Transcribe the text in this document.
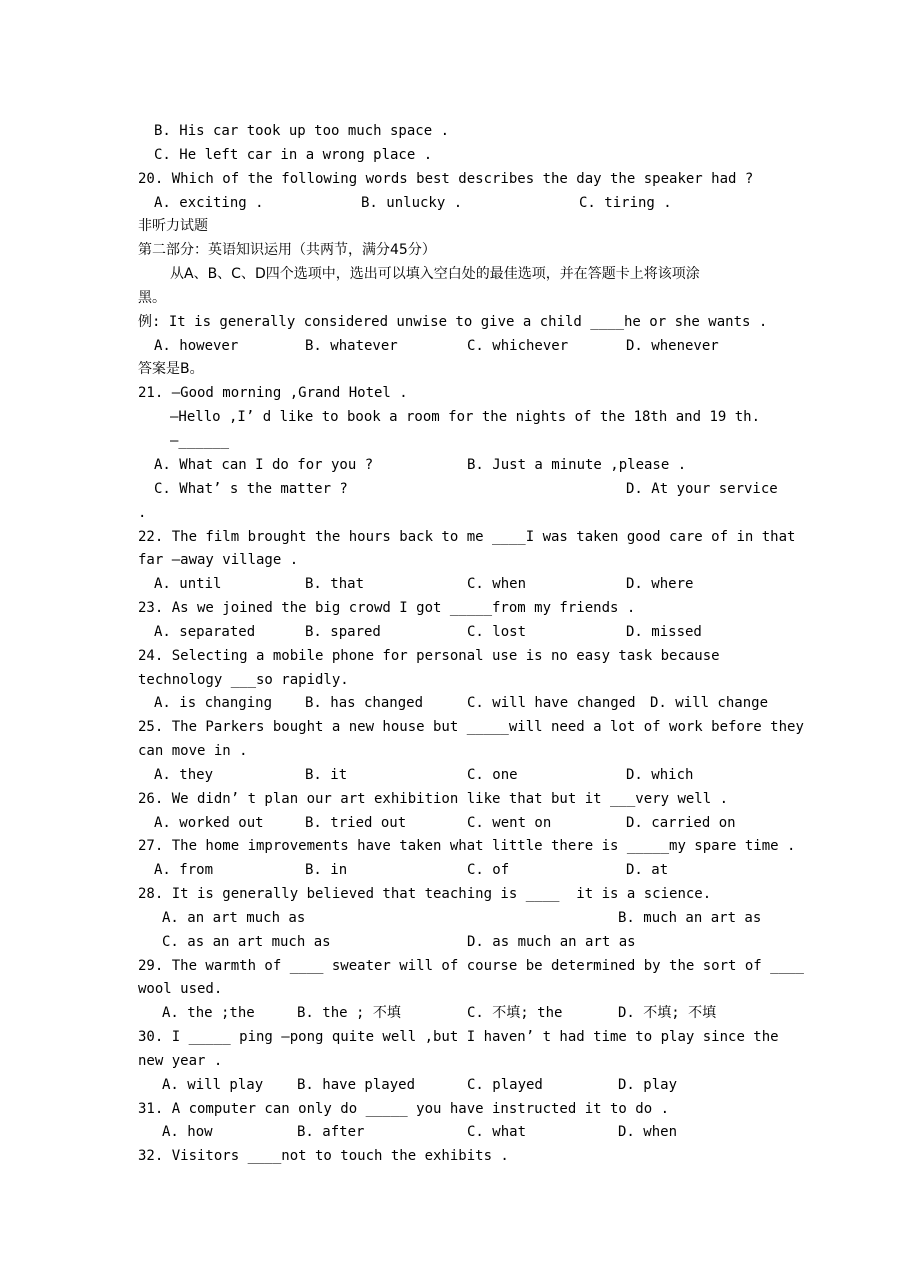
B. His car took up too much space .
C. He left car in a wrong place .
20. Which of the following words best describes the day the speaker had ?
A. exciting .	B. unlucky .	C. tiring .
非听力试题
第二部分：英语知识运用（共两节，满分45分）
从A、B、C、D四个选项中，选出可以填入空白处的最佳选项，并在答题卡上将该项涂
黑。
例: It is generally considered unwise to give a child ____he or she wants .
A. however	B. whatever	C. whichever	D. whenever
答案是B。
21. —Good morning ,Grand Hotel .
—Hello ,I’ d like to book a room for the nights of the 18th and 19 th.
—______
A. What can I do for you ?	B. Just a minute ,please .
C. What’ s the matter ?	D. At your service
.
22. The film brought the hours back to me ____I was taken good care of in that
far –away village .
A. until	B. that	C. when	D. where
23. As we joined the big crowd I got _____from my friends .
A. separated	B. spared	C. lost	D. missed
24. Selecting a mobile phone for personal use is no easy task because
technology ___so rapidly.
A. is changing B. has changed	C. will have changed D. will change
25. The Parkers bought a new house but _____will need a lot of work before they
can move in .
A. they	B. it	C. one	D. which
26. We didn’ t plan our art exhibition like that but it ___very well .
A. worked out	B. tried out	C. went on	D. carried on
27. The home improvements have taken what little there is _____my spare time .
A. from	B. in	C. of	D. at
28. It is generally believed that teaching is ____  it is a science.
A. an art much as	B. much an art as
C. as an art much as	D. as much an art as
29. The warmth of ____ sweater will of course be determined by the sort of ____
wool used.
A. the ;the	B. the ; 不填	C. 不填; the	D. 不填; 不填
30. I _____ ping —pong quite well ,but I haven’ t had time to play since the
new year .
A. will play B. have played	C. played	D. play
31. A computer can only do _____ you have instructed it to do .
A. how	B. after	C. what	D. when
32. Visitors ____not to touch the exhibits .
